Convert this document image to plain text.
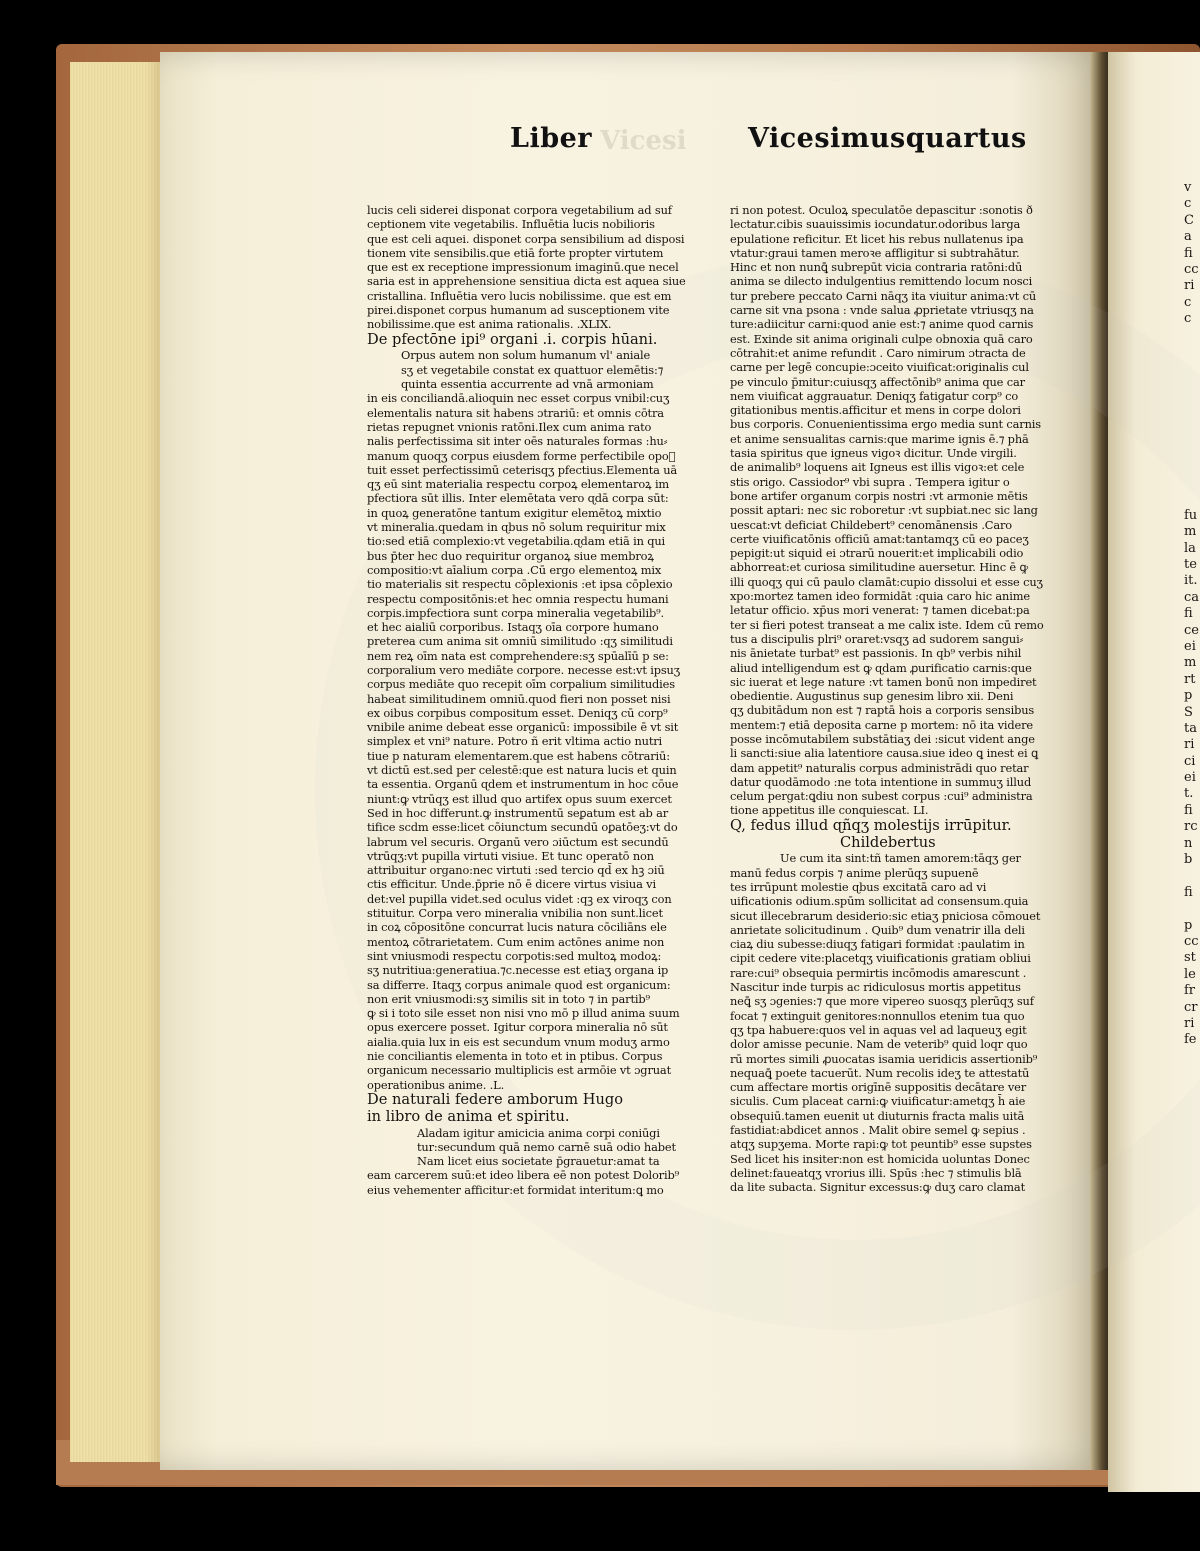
v
c
C
a
fi
cc
ri
c
c
fu
m
la
te
it.
ca
fi
ce
ei
m
rt
p
S
ta
ri
ci
ei
t.
fi
rc
n
b
fi
p
cc
st
le
fr
cr
ri
fe
Vicesi
Liber	Vicesimusquartus
lucis celi siderei disponat corpora vegetabilium ad suf
ceptionem vite vegetabilis. Influētia lucis nobilioris
que est celi aquei. disponet corpa sensibilium ad disposi
tionem vite sensibilis.que etiā forte propter virtutem
que est ex receptione impressionum imaginū.que necel
saria est in apprehensione sensitiua dicta est aquea siue
cristallina. Influētia vero lucis nobilissime. que est em
pirei.disponet corpus humanum ad susceptionem vite
nobilissime.que est anima rationalis. .XLIX.
De pfectōne ipi⁹ organi .i. corpis hūani.
Orpus autem non solum humanum vl' aniale
sʒ et vegetabile constat ex quattuor elemētis:⁊
quinta essentia accurrente ad vnā armoniam
in eis conciliandā.alioquin nec esset corpus vnibil:cuʒ
elementalis natura sit habens ɔtrariū: et omnis cōtra
rietas repugnet vnionis ratōni.Ilex cum anima rato
nalis perfectissima sit inter oēs naturales formas :hu⸗
manum quoqʒ corpus eiusdem forme perfectibile opoᷓ
tuit esset perfectissimū ceterisqʒ pfectius.Elementa uā
qʒ eū sint materialia respectu corpoꝝ elementaroꝝ im
pfectiora sūt illis. Inter elemētata vero ɋdā corpa sūt:
in quoꝝ generatōne tantum exigitur elemētoꝝ mixtio
vt mineralia.quedam in ɋbus nō solum requiritur mix
tio:sed etiā complexio:vt vegetabilia.ɋdam etiā in qui
bus p̄ter hec duo requiritur organoꝝ siue membroꝝ
compositio:vt aīalium corpa .Cū ergo elementoꝝ mix
tio materialis sit respectu cōplexionis :et ipsa cōplexio
respectu compositōnis:et hec omnia respectu humani
corpis.impfectiora sunt corpa mineralia vegetabilib⁹.
et hec aialiū corporibus. Istaqʒ oīa corpore humano
preterea cum anima sit omniū similitudo :qʒ similitudi
nem reꝝ oīm nata est comprehendere:sʒ spūalīū p se:
corporalium vero mediāte corpore. necesse est:vt ipsuʒ
corpus mediāte quo recepit oīm corpalium similitudies
habeat similitudinem omniū.quod fieri non posset nisi
ex oibus corpibus compositum esset. Deniqʒ cū corp⁹
vnibile anime debeat esse organicū: impossibile ē vt sit
simplex et vni⁹ nature. Potro ñ erit vltima actio nutri
tiue p naturam elementarem.que est habens cōtrariū:
vt dictū est.sed per celestē:que est natura lucis et quin
ta essentia. Organū ɋdem et instrumentum in hoc cōue
niunt:ꝙ vtrūqʒ est illud quo artifex opus suum exercet
Sed in hoc differunt.ꝙ instrumentū seꝑatum est ab ar
tifice scdm esse:licet cōiunctum secundū oꝑatōeʒ:vt do
labrum vel securis. Organū vero ɔiūctum est secundū
vtrūqʒ:vt pupilla virtuti visiue. Et tunc operatō non
attribuitur organo:nec virtuti :sed tercio qd̄ ex hꝫ ɔiū
ctis efficitur. Unde.p̄prie nō ē dicere virtus visiua vi
det:vel pupilla videt.sed oculus videt :qꝫ ex viroqʒ con
stituitur. Corpa vero mineralia vnibilia non sunt.licet
in coꝝ cōpositōne concurrat lucis natura cōciliāns ele
mentoꝝ cōtrarietatem. Cum enim actōnes anime non
sint vniusmodi respectu corpotis:sed multoꝝ modoꝝ:
sʒ nutritiua:generatiua.⁊c.necesse est etiaʒ organa ip
sa differre. Itaqʒ corpus animale quod est organicum:
non erit vniusmodi:sʒ similis sit in toto ⁊ in partib⁹
ꝙ si i toto sile esset non nisi vno mō p illud anima suum
opus exercere posset. Igitur corpora mineralia nō sūt
aialia.quia lux in eis est secundum vnum moduʒ armo
nie conciliantis elementa in toto et in ptibus. Corpus
organicum necessario multiplicis est armōie vt ɔgruat
operationibus anime. .L.
De naturali federe amborum Hugo
in libro de anima et spiritu.
Aladam igitur amicicia anima corpi coniūgi
tur:secundum quā nemo carnē suā odio habet
Nam licet eius societate p̄grauetur:amat ta
eam carcerem suū:et ideo libera eē non potest Dolorib⁹
eius vehementer afficitur:et formidat interitum:ꝗ mo
ri non potest. Oculoꝝ speculatōe depascitur :sonotis ð
lectatur.cibis suauissimis iocundatur.odoribus larga
epulatione reficitur. Et licet his rebus nullatenus ipa
vtatur:graui tamen meroꝛe affligitur si subtrahātur.
Hinc et non nunꝗ̄ subrepūt vicia contraria ratōni:dū
anima se dilecto indulgentius remittendo locum nosci
tur prebere peccato Carni nāqʒ ita viuitur anima:vt cū
carne sit vna psona : vnde salua ꝓprietate vtriusqʒ na
ture:adiicitur carni:quod anie est:⁊ anime quod carnis
est. Exinde sit anima originali culpe obnoxia quā caro
cōtrahit:et anime refundit . Caro nimirum ɔtracta de
carne per legē concupie:ɔceito viuificat:originalis cul
pe vinculo p̄mitur:cuiusqʒ affectōnib⁹ anima que car
nem viuificat aggrauatur. Deniqʒ fatigatur corp⁹ co
gitationibus mentis.afficitur et mens in corpe dolori
bus corporis. Conuenientissima ergo media sunt carnis
et anime sensualitas carnis:que marime ignis ē.⁊ phā
tasia spiritus que igneus vigoꝛ dicitur. Unde virgili.
de animalib⁹ loquens ait Igneus est illis vigoꝛ:et cele
stis origo. Cassiodor⁹ vbi supra . Tempera igitur o
bone artifer organum corpis nostri :vt armonie mētis
possit aptari: nec sic roboretur :vt supbiat.nec sic lang
uescat:vt deficiat Childebert⁹ cenomānensis .Caro
certe viuificatōnis officiū amat:tantamqʒ cū eo paceʒ
pepigit:ut siquid ei ɔtrarū nouerit:et implicabili odio
abhorreat:et curiosa similitudine auersetur. Hinc ē ꝙ
illi quoqʒ qui cū paulo clamāt:cupio dissolui et esse cuʒ
xpo:mortez tamen ideo formidāt :quia caro hic anime
letatur officio. xp̄us mori venerat: ⁊ tamen dicebat:pa
ter si fieri potest transeat a me calix iste. Idem cū remo
tus a discipulis plri⁹ oraret:vsqʒ ad sudorem sangui⸗
nis ānietate turbat⁹ est passionis. In qb⁹ verbis nihil
aliud intelligendum est ꝙ ɋdam ꝓurificatio carnis:que
sic iuerat et lege nature :vt tamen bonū non impediret
obedientie. Augustinus sup genesim libro xii. Deni
qʒ dubitādum non est ⁊ raptā hois a corporis sensibus
mentem:⁊ etiā deposita carne p mortem: nō ita videre
posse incōmutabilem substātiaʒ dei :sicut vident ange
li sancti:siue alia latentiore causa.siue ideo ꝗ inest ei ꝗ
dam appetit⁹ naturalis corpus administrādi quo retar
datur quodāmodo :ne tota intentione in summuʒ illud
celum pergat:ꝗdiu non subest corpus :cui⁹ administra
tione appetitus ille conquiescat. LI.
Q, fedus illud ɋñqʒ molestijs irrūpitur.
Childebertus
Ue cum ita sint:tñ tamen amorem:tāqʒ ger
manū fedus corpis ⁊ anime plerūqʒ supuenē
tes irrūpunt molestie ɋbus excitatā caro ad vi
uificationis odium.spūm sollicitat ad consensum.quia
sicut illecebrarum desiderio:sic etiaʒ pniciosa cōmouet
anrietate solicitudinum . Quib⁹ dum venatrir illa deli
ciaꝝ diu subesse:diuqʒ fatigari formidat :paulatim in
cipit cedere vite:placetqʒ viuificationis gratiam obliui
rare:cui⁹ obsequia permirtis incōmodis amarescunt .
Nascitur inde turpis ac ridiculosus mortis appetitus
neꝗ̄ sʒ ɔgenies:⁊ que more vipereo suosqʒ plerūqʒ suf
focat ⁊ extinguit genitores:nonnullos etenim tua quo
qʒ tpa habuere:quos vel in aquas vel ad laqueuʒ egit
dolor amisse pecunie. Nam de veterib⁹ quid loqr quo
rū mortes simili ꝓuocatas isamia ueridicis assertionib⁹
nequaꝗ̄ poete tacuerūt. Num recolis ideʒ te attestatū
cum affectare mortis origīnē suppositis decātare ver
siculis. Cum placeat carni:ꝙ viuificatur:ametqʒ h̄ aie
obsequiū.tamen euenit ut diuturnis fracta malis uitā
fastidiat:abdicet annos . Malit obire semel ꝙ sepius .
atqʒ supʒema. Morte rapi:ꝙ tot peuntib⁹ esse supstes
Sed licet his insiter:non est homicida uoluntas Donec
delinet:faueatqʒ vrorius illi. Spūs :hec ⁊ stimulis blā
da lite subacta. Signitur excessus:ꝙ duʒ caro clamat
